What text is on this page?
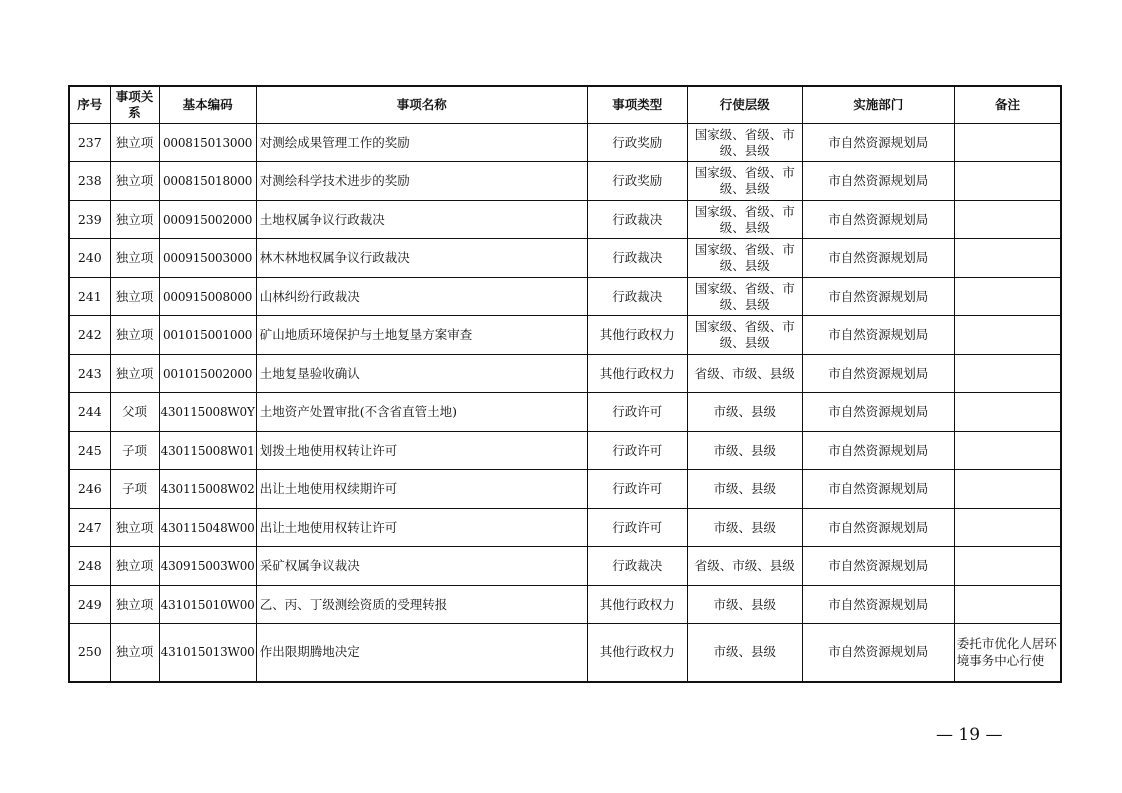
序号	事项关系	基本编码	事项名称	事项类型	行使层级	实施部门	备注
237	独立项	000815013000	对测绘成果管理工作的奖励	行政奖励	国家级、省级、市级、县级	市自然资源规划局	
238	独立项	000815018000	对测绘科学技术进步的奖励	行政奖励	国家级、省级、市级、县级	市自然资源规划局	
239	独立项	000915002000	土地权属争议行政裁决	行政裁决	国家级、省级、市级、县级	市自然资源规划局	
240	独立项	000915003000	林木林地权属争议行政裁决	行政裁决	国家级、省级、市级、县级	市自然资源规划局	
241	独立项	000915008000	山林纠纷行政裁决	行政裁决	国家级、省级、市级、县级	市自然资源规划局	
242	独立项	001015001000	矿山地质环境保护与土地复垦方案审查	其他行政权力	国家级、省级、市级、县级	市自然资源规划局	
243	独立项	001015002000	土地复垦验收确认	其他行政权力	省级、市级、县级	市自然资源规划局	
244	父项	430115008W0Y	土地资产处置审批(不含省直管土地)	行政许可	市级、县级	市自然资源规划局	
245	子项	430115008W01	划拨土地使用权转让许可	行政许可	市级、县级	市自然资源规划局	
246	子项	430115008W02	出让土地使用权续期许可	行政许可	市级、县级	市自然资源规划局	
247	独立项	430115048W00	出让土地使用权转让许可	行政许可	市级、县级	市自然资源规划局	
248	独立项	430915003W00	采矿权属争议裁决	行政裁决	省级、市级、县级	市自然资源规划局	
249	独立项	431015010W00	乙、丙、丁级测绘资质的受理转报	其他行政权力	市级、县级	市自然资源规划局	
250	独立项	431015013W00	作出限期腾地决定	其他行政权力	市级、县级	市自然资源规划局	委托市优化人居环境事务中心行使
— 19 —
